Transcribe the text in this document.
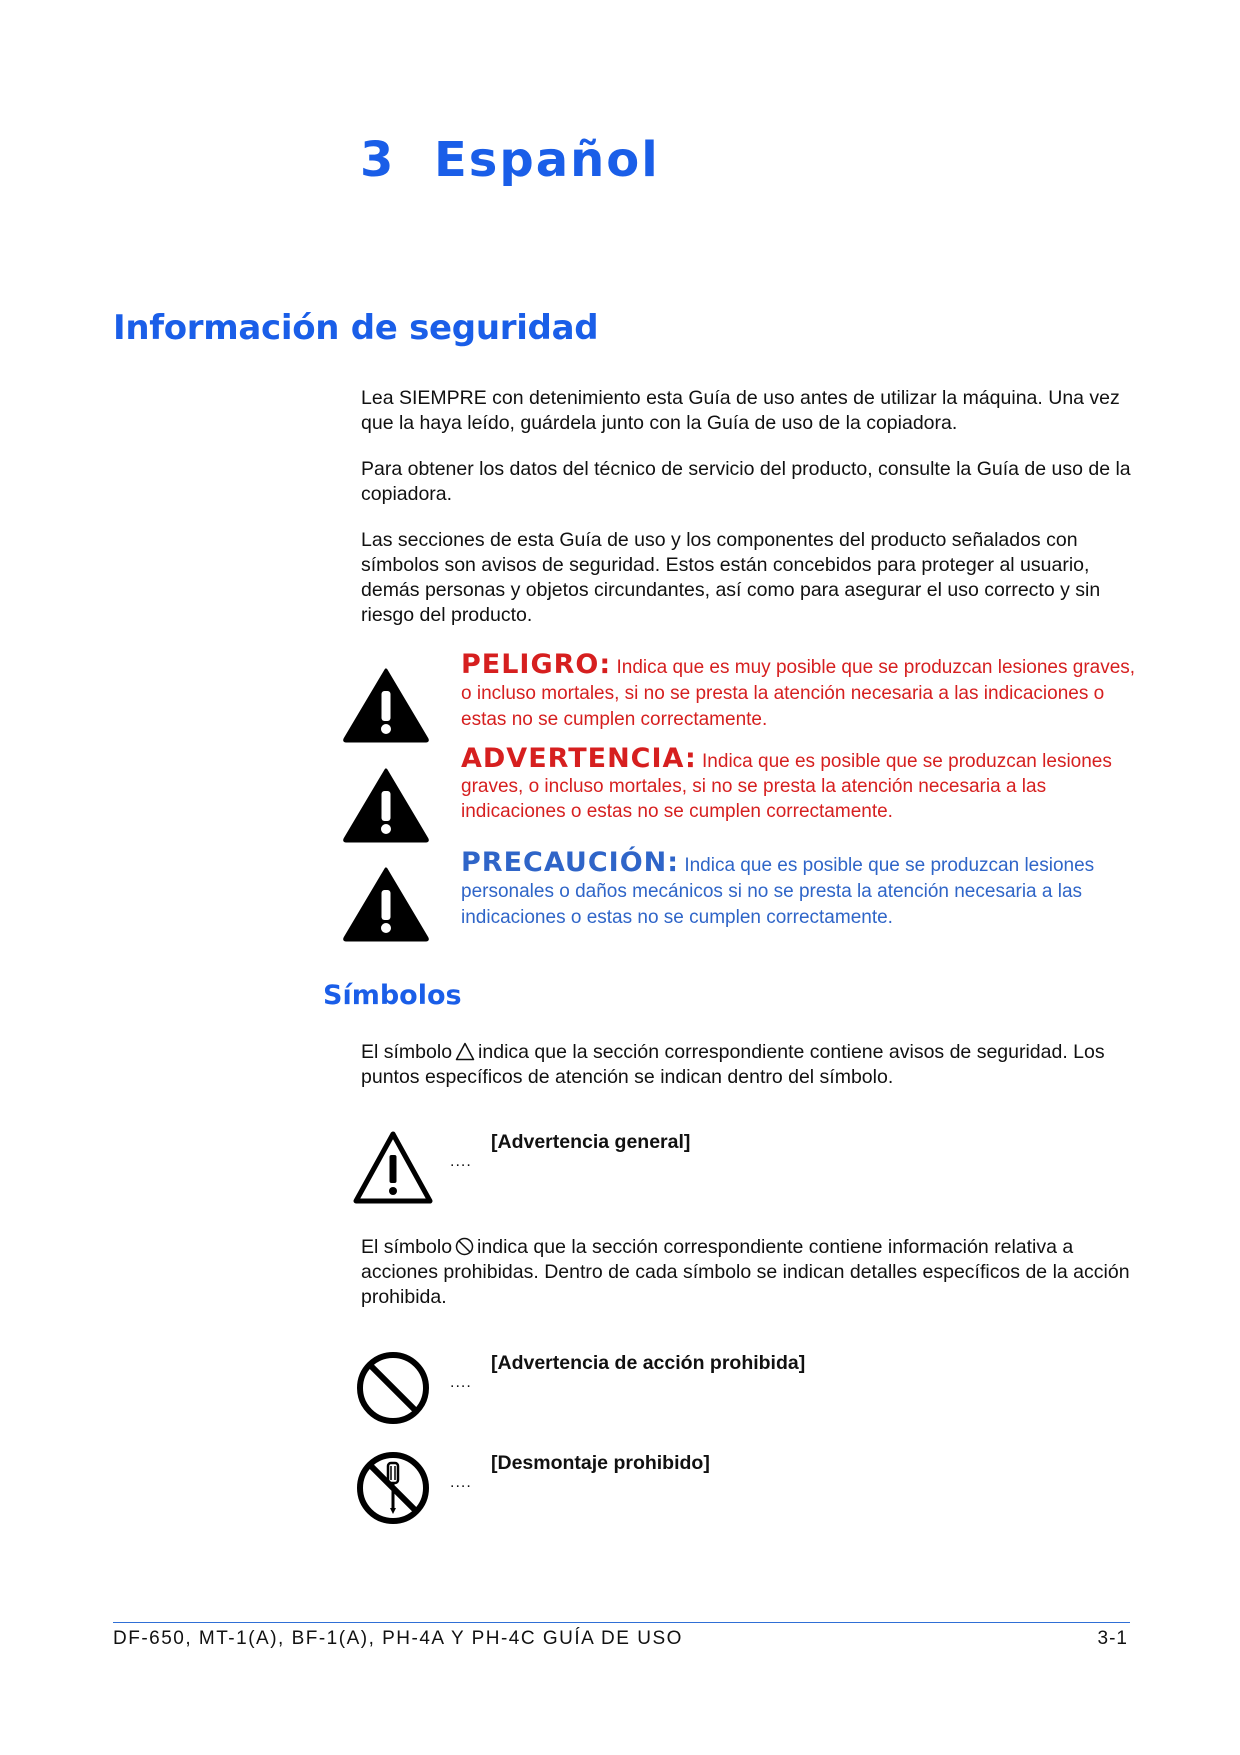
3 Español
Información de seguridad

Lea SIEMPRE con detenimiento esta Guía de uso antes de utilizar la máquina. Una vez que la haya leído, guárdela junto con la Guía de uso de la copiadora.

Para obtener los datos del técnico de servicio del producto, consulte la Guía de uso de la copiadora.

Las secciones de esta Guía de uso y los componentes del producto señalados con símbolos son avisos de seguridad. Estos están concebidos para proteger al usuario, demás personas y objetos circundantes, así como para asegurar el uso correcto y sin riesgo del producto.

PELIGRO: Indica que es muy posible que se produzcan lesiones graves, o incluso mortales, si no se presta la atención necesaria a las indicaciones o estas no se cumplen correctamente.

ADVERTENCIA: Indica que es posible que se produzcan lesiones graves, o incluso mortales, si no se presta la atención necesaria a las indicaciones o estas no se cumplen correctamente.

PRECAUCIÓN: Indica que es posible que se produzcan lesiones personales o daños mecánicos si no se presta la atención necesaria a las indicaciones o estas no se cumplen correctamente.

Símbolos

El símbolo indica que la sección correspondiente contiene avisos de seguridad. Los puntos específicos de atención se indican dentro del símbolo.

....

[Advertencia general]

El símbolo indica que la sección correspondiente contiene información relativa a acciones prohibidas. Dentro de cada símbolo se indican detalles específicos de la acción prohibida.

....

[Advertencia de acción prohibida]

....

[Desmontaje prohibido]

DF-650, MT-1(A), BF-1(A), PH-4A Y PH-4C GUÍA DE USO	3-1
